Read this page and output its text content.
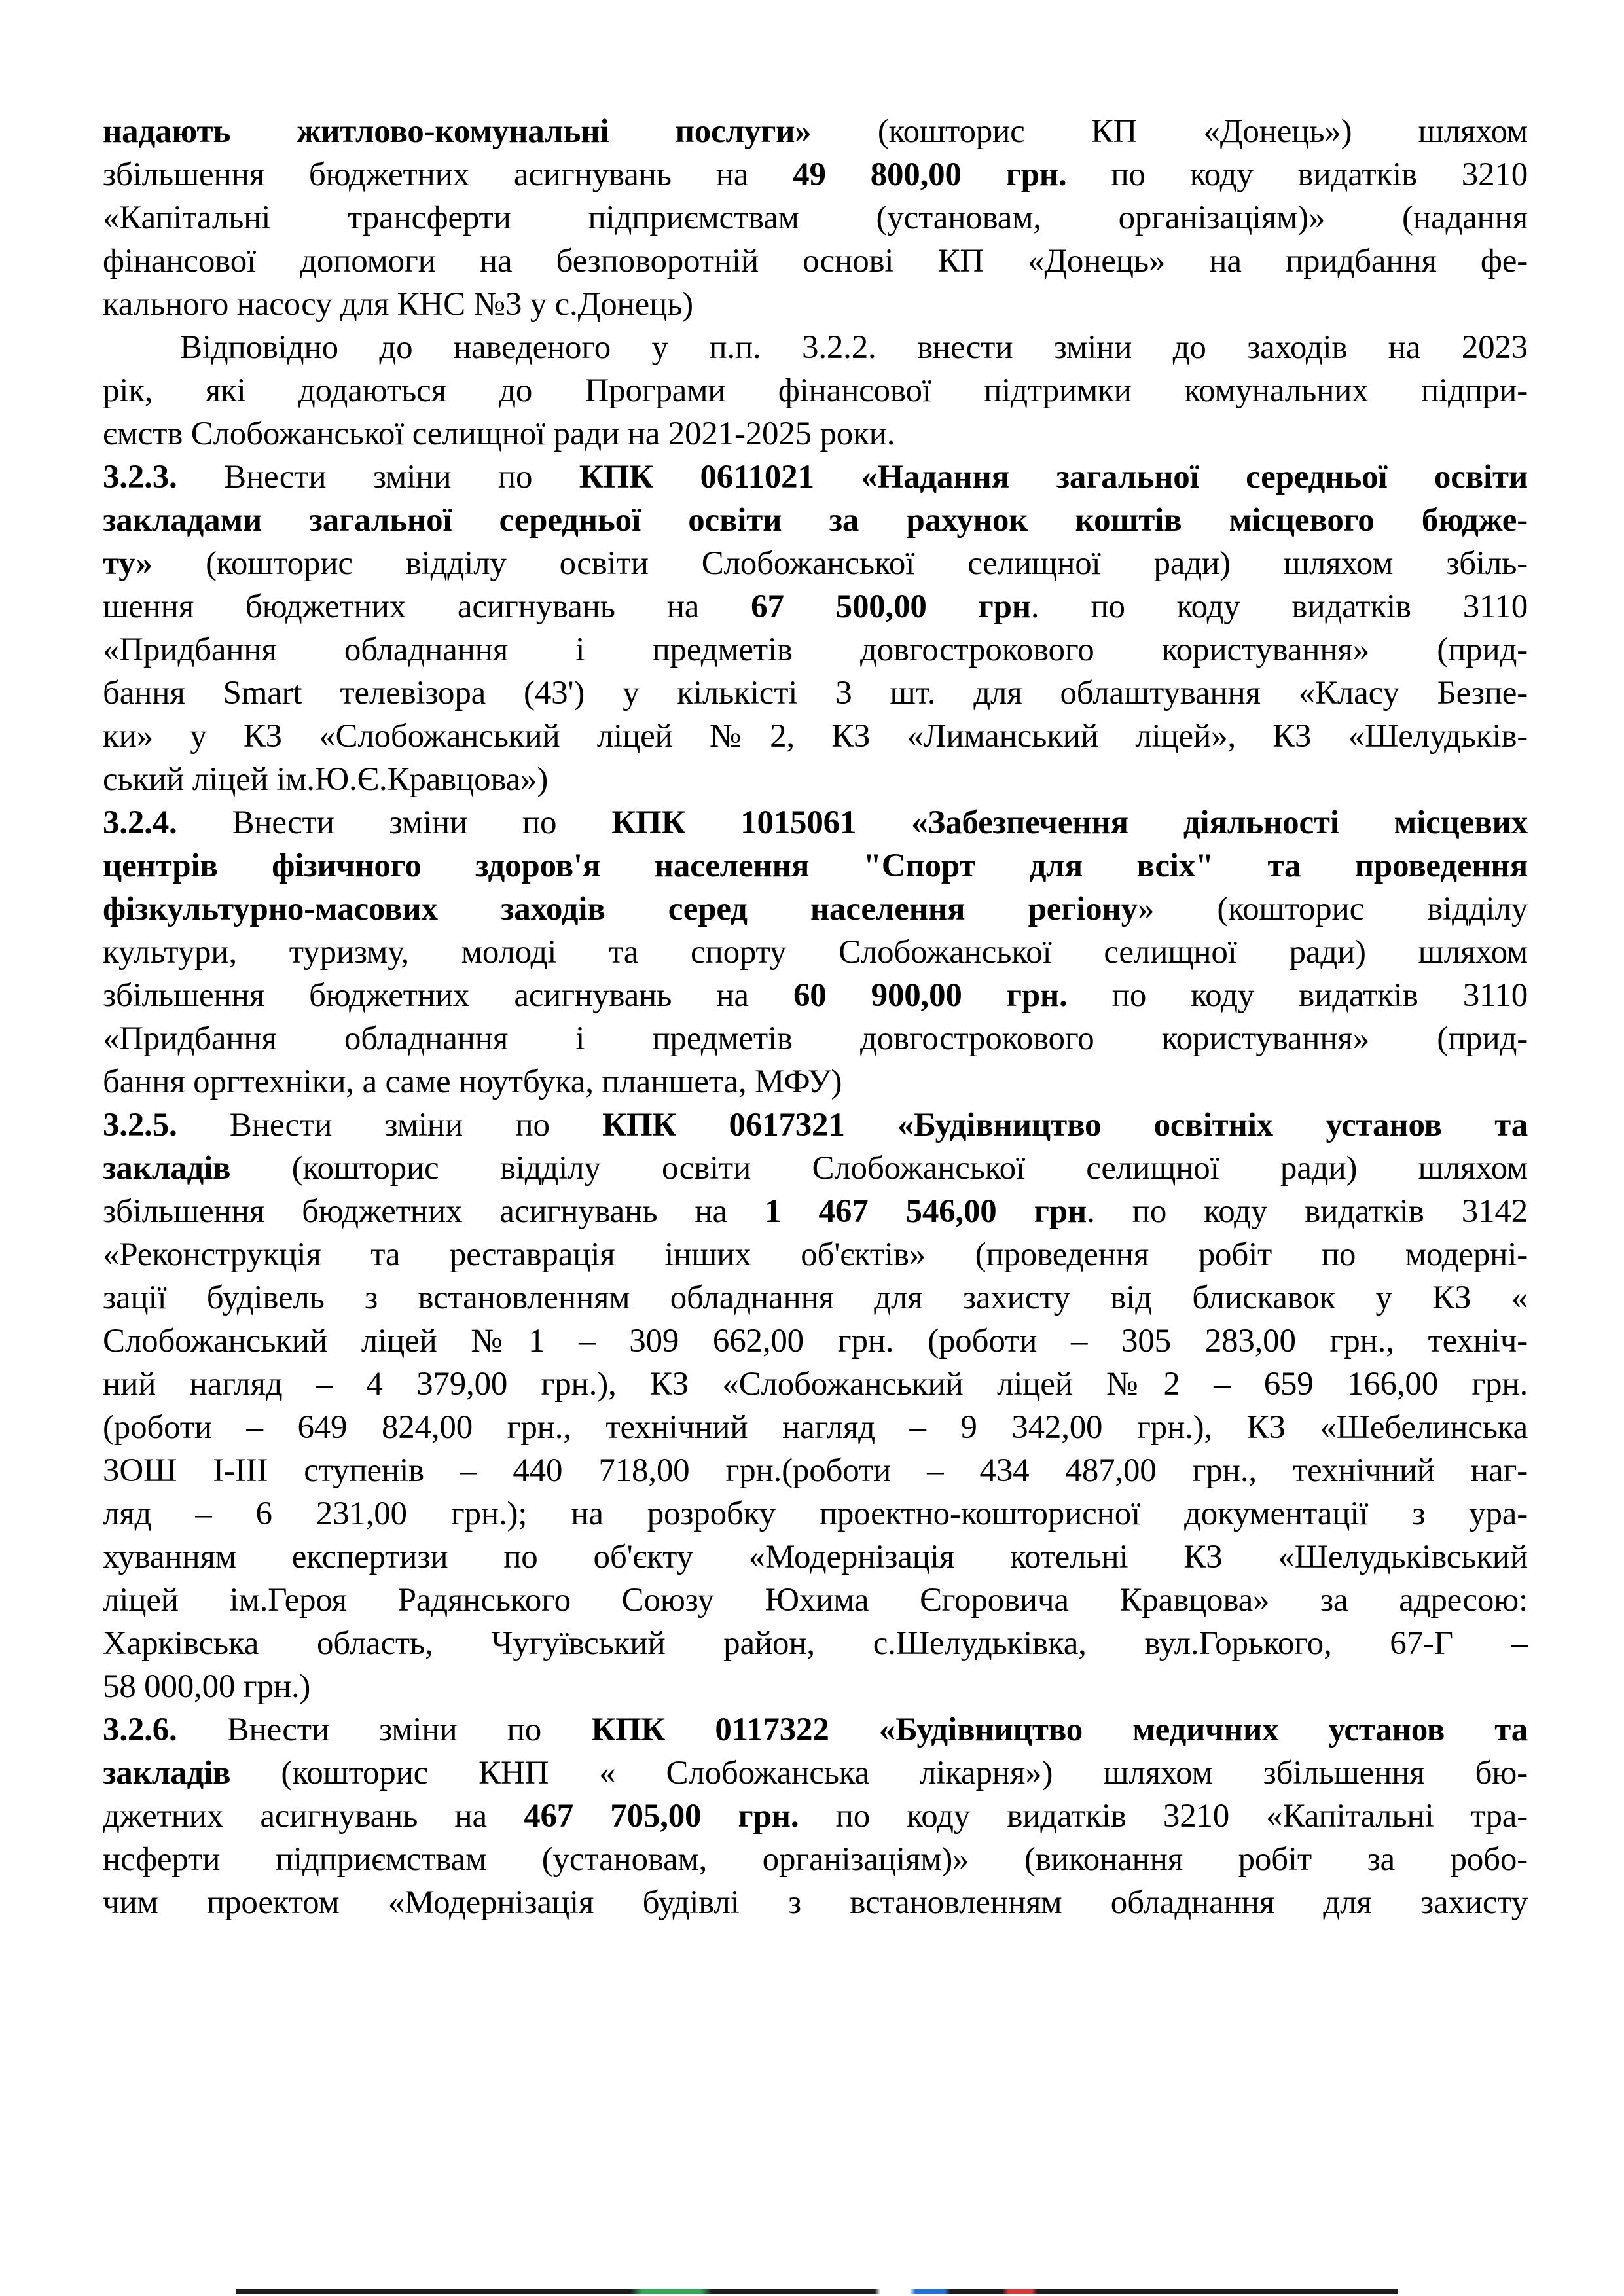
надають житлово-комунальні послуги» (кошторис КП «Донець») шляхом
збільшення бюджетних асигнувань на 49 800,00 грн. по коду видатків 3210
«Капітальні трансферти підприємствам (установам, організаціям)» (надання
фінансової допомоги на безповоротній основі КП «Донець» на придбання фе-
кального насосу для КНС №3 у с.Донець)

Відповідно до наведеного у п.п. 3.2.2. внести зміни до заходів на 2023
рік, які додаються до Програми фінансової підтримки комунальних підпри-
ємств Слобожанської селищної ради на 2021-2025 роки.

3.2.3. Внести зміни по КПК 0611021 «Надання загальної середньої освіти
закладами загальної середньої освіти за рахунок коштів місцевого бюдже-
ту» (кошторис відділу освіти Слобожанської селищної ради) шляхом збіль-
шення бюджетних асигнувань на 67 500,00 грн. по коду видатків 3110
«Придбання обладнання і предметів довгострокового користування» (прид-
бання Smart телевізора (43') у кількісті 3 шт. для облаштування «Класу Безпе-
ки» у КЗ «Слобожанський ліцей №2, КЗ «Лиманський ліцей», КЗ «Шелудьків-
ський ліцей ім.Ю.Є.Кравцова»)

3.2.4. Внести зміни по КПК 1015061 «Забезпечення діяльності місцевих
центрів фізичного здоров'я населення "Спорт для всіх" та проведення
фізкультурно-масових заходів серед населення регіону» (кошторис відділу
культури, туризму, молоді та спорту Слобожанської селищної ради) шляхом
збільшення бюджетних асигнувань на 60 900,00 грн. по коду видатків 3110
«Придбання обладнання і предметів довгострокового користування» (прид-
бання оргтехніки, а саме ноутбука, планшета, МФУ)

3.2.5. Внести зміни по КПК 0617321 «Будівництво освітніх установ та
закладів (кошторис відділу освіти Слобожанської селищної ради) шляхом
збільшення бюджетних асигнувань на 1 467 546,00 грн. по коду видатків 3142
«Реконструкція та реставрація інших об'єктів» (проведення робіт по модерні-
зації будівель з встановленням обладнання для захисту від блискавок у КЗ «
Слобожанський ліцей №1 – 309 662,00 грн. (роботи – 305 283,00 грн., техніч-
ний нагляд – 4 379,00 грн.), КЗ «Слобожанський ліцей №2 – 659 166,00 грн.
(роботи – 649 824,00 грн., технічний нагляд – 9 342,00 грн.), КЗ «Шебелинська
ЗОШ І-ІІІ ступенів – 440 718,00 грн.(роботи – 434 487,00 грн., технічний наг-
ляд – 6 231,00 грн.); на розробку проектно-кошторисної документації з ура-
хуванням експертизи по об'єкту «Модернізація котельні КЗ «Шелудьківський
ліцей ім.Героя Радянського Союзу Юхима Єгоровича Кравцова» за адресою:
Харківська область, Чугуївський район, с.Шелудьківка, вул.Горького, 67-Г –
58 000,00 грн.)

3.2.6. Внести зміни по КПК 0117322 «Будівництво медичних установ та
закладів (кошторис КНП « Слобожанська лікарня») шляхом збільшення бю-
джетних асигнувань на 467 705,00 грн. по коду видатків 3210 «Капітальні тра-
нсферти підприємствам (установам, організаціям)» (виконання робіт за робо-
чим проектом «Модернізація будівлі з встановленням обладнання для захисту
